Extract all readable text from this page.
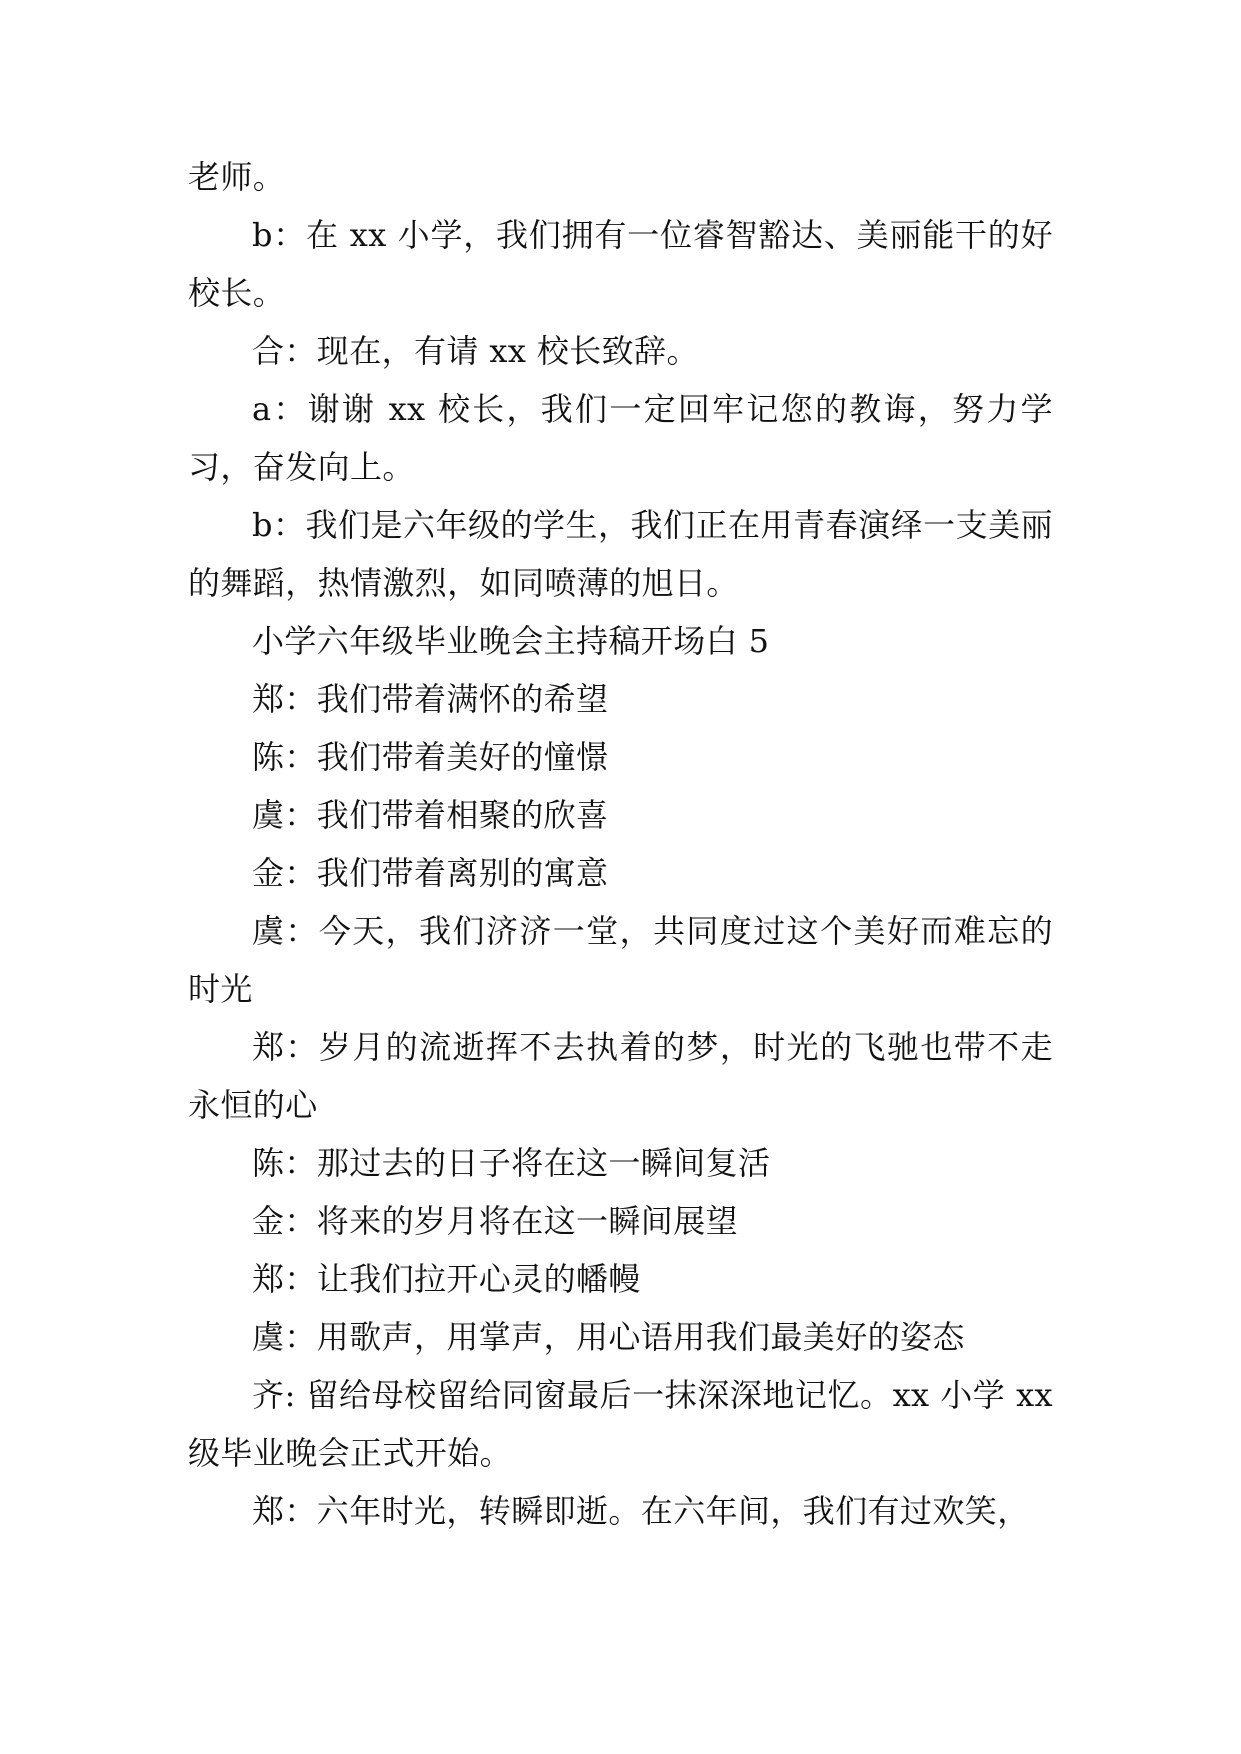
老师。

b：在 xx 小学，我们拥有一位睿智豁达、美丽能干的好校长。

合：现在，有请 xx 校长致辞。

a：谢谢 xx 校长，我们一定回牢记您的教诲，努力学习，奋发向上。

b：我们是六年级的学生，我们正在用青春演绎一支美丽的舞蹈，热情激烈，如同喷薄的旭日。

小学六年级毕业晚会主持稿开场白 5

郑：我们带着满怀的希望

陈：我们带着美好的憧憬

虞：我们带着相聚的欣喜

金：我们带着离别的寓意

虞：今天，我们济济一堂，共同度过这个美好而难忘的时光

郑：岁月的流逝挥不去执着的梦，时光的飞驰也带不走永恒的心

陈：那过去的日子将在这一瞬间复活

金：将来的岁月将在这一瞬间展望

郑：让我们拉开心灵的幡幔

虞：用歌声，用掌声，用心语用我们最美好的姿态

齐: 留给母校留给同窗最后一抹深深地记忆。xx 小学 xx 级毕业晚会正式开始。

郑：六年时光，转瞬即逝。在六年间，我们有过欢笑，
